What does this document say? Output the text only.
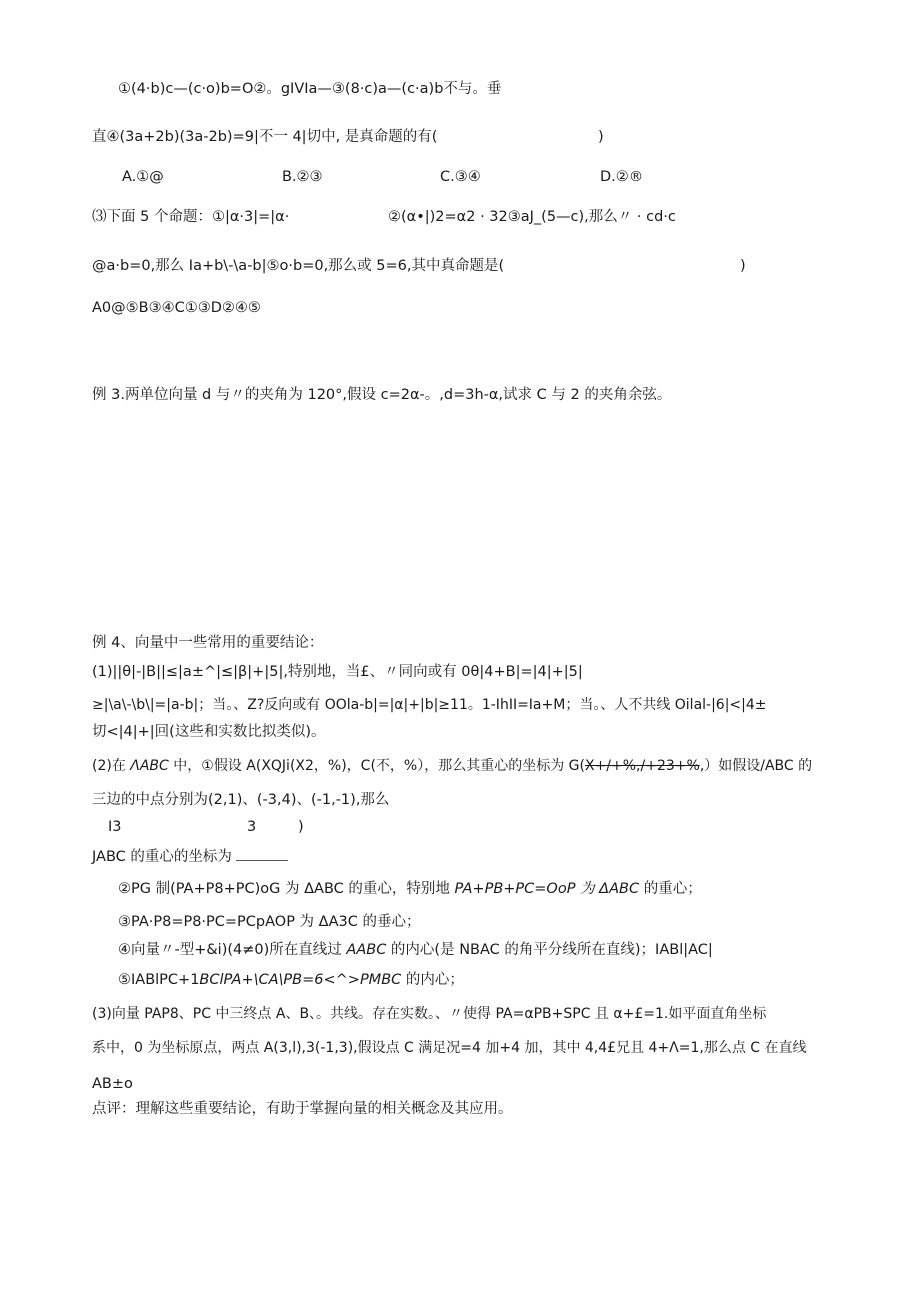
①(4·b)c—(c·o)b=O②。gIVIa—③(8·c)a—(c·a)b不与。垂
直④(3a+2b)(3a-2b)=9|不一 4|切中, 是真命题的有(	)
A.①@	B.②③	C.③④	D.②®
⑶下面 5 个命题：①|α·3|=|α·	②(α•|)2=α2 · 32③aJ_(5—c),那么〃 · cd·c
@a·b=0,那么 Ia+b\-\a-b|⑤o·b=0,那么或 5=6,其中真命题是(	)
A0@⑤B③④C①③D②④⑤
例 3.两单位向量 d 与〃的夹角为 120°,假设 c=2α-。,d=3h-α,试求 C 与 2 的夹角余弦。
例 4、向量中一些常用的重要结论：
(1)||θ|-|B||≤|a±^|≤|β|+|5|,特别地，当£、〃同向或有 0θ|4+B|=|4|+|5|
≥|\a\-\b\|=|a-b|；当。、Z?反向或有 OOla-b|=|α|+|b|≥11。1-IhII=Ia+M；当。、人不共线 Oilal-|6|<|4±
切<|4|+|回(这些和实数比拟类似)。
(2)在 ΛABC 中，①假设 A(XQJi(X2，%)，C(不，%），那么其重心的坐标为 G(X+/+%,/+23+%,）如假设/ABC 的
三边的中点分别为(2,1)、(-3,4)、(-1,-1),那么
I3	3	)
JABC 的重心的坐标为
②PG 制(PA+P8+PC)oG 为 ΔABC 的重心，特别地 PA+PB+PC=OoP 为 ΔABC 的重心；
③PA·P8=P8·PC=PCpAOP 为 ΔA3C 的垂心；
④向量〃-型+&i)(4≠0)所在直线过 AABC 的内心(是 NBAC 的角平分线所在直线)；IABl|AC|
⑤IABlPC+1BClPA+\CA\PB=6<^>PMBC 的内心；
(3)向量 PAP8、PC 中三终点 A、B、。共线。存在实数。、〃使得 PA=αPB+SPC 且 α+£=1.如平面直角坐标
系中，0 为坐标原点，两点 A(3,l),3(-1,3),假设点 C 满足况=4 加+4 加，其中 4,4£兄且 4+Λ=1,那么点 C 在直线
AB±o
点评：理解这些重要结论，有助于掌握向量的相关概念及其应用。
